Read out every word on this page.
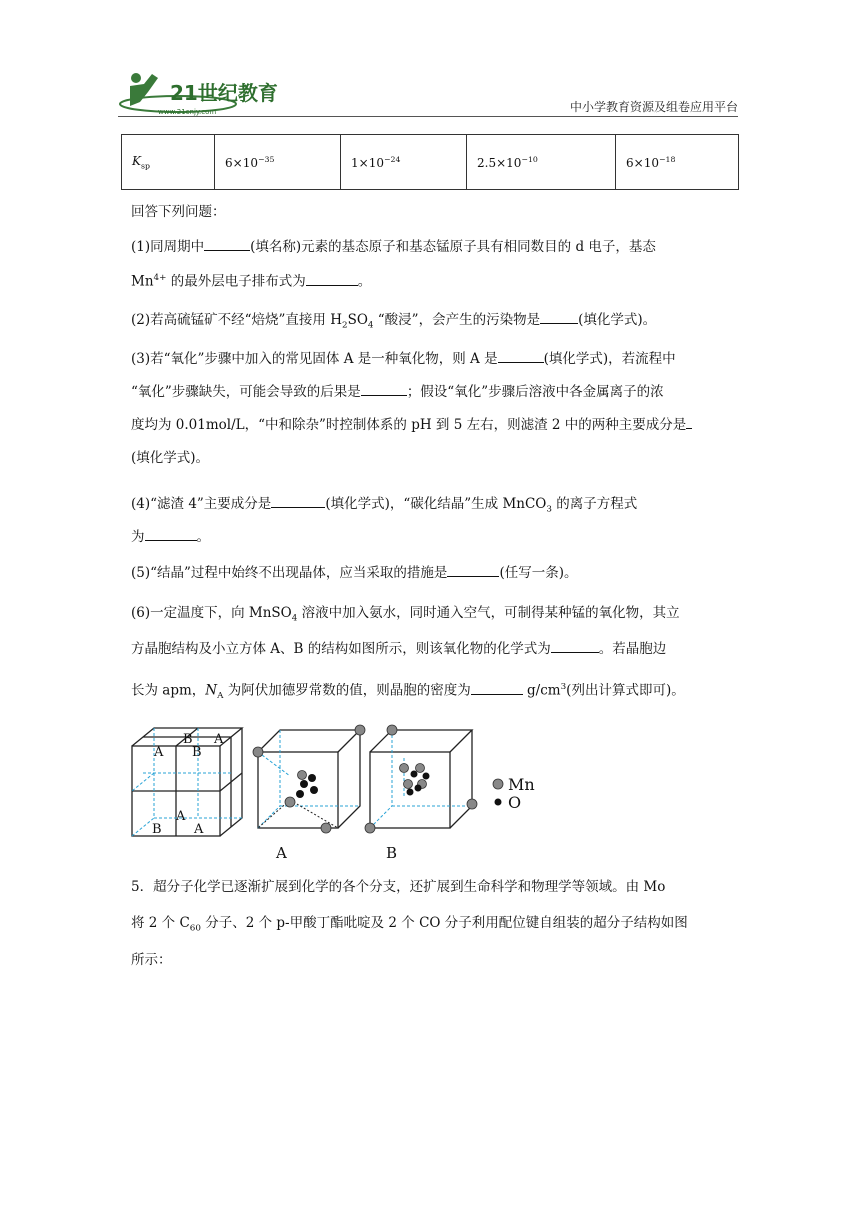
21世纪教育
www.21cnjy.com	中小学教育资源及组卷应用平台
$K_{sp}$	$6\times 10^{-35}$	$1\times 10^{-24}$	$2.5\times 10^{-10}$	$6\times 10^{-18}$
回答下列问题：
(1)同周期中	(填名称)元素的基态原子和基态锰原子具有相同数目的 d 电子，基态
$Mn^{4+}$ 的最外层电子排布式为	。
(2)若高硫锰矿不经“焙烧”直接用 $H_2SO_4$ “酸浸”，会产生的污染物是	(填化学式)。
(3)若“氧化”步骤中加入的常见固体 A 是一种氧化物，则 A 是	(填化学式)，若流程中
“氧化”步骤缺失，可能会导致的后果是	；假设“氧化”步骤后溶液中各金属离子的浓
度均为 0.01mol/L，“中和除杂”时控制体系的 pH 到 5 左右，则滤渣 2 中的两种主要成分是
(填化学式)。
(4)“滤渣 4”主要成分是	(填化学式)，“碳化结晶”生成 MnCO$_3$ 的离子方程式
为	。
(5)“结晶”过程中始终不出现晶体，应当采取的措施是	(任写一条)。
(6)一定温度下，向 MnSO$_4$ 溶液中加入氨水，同时通入空气，可制得某种锰的氧化物，其立
方晶胞结构及小立方体 A、B 的结构如图所示，则该氧化物的化学式为	。若晶胞边
长为 apm，$N_A$ 为阿伏加德罗常数的值，则晶胞的密度为	$g/cm^3$(列出计算式即可)。
B A
A B
B
A
A
A	B
Mn
O
5．超分子化学已逐渐扩展到化学的各个分支，还扩展到生命科学和物理学等领域。由 Mo
将 2 个 $C_{60}$ 分子、2 个 p-甲酸丁酯吡啶及 2 个 CO 分子利用配位键自组装的超分子结构如图
所示：
